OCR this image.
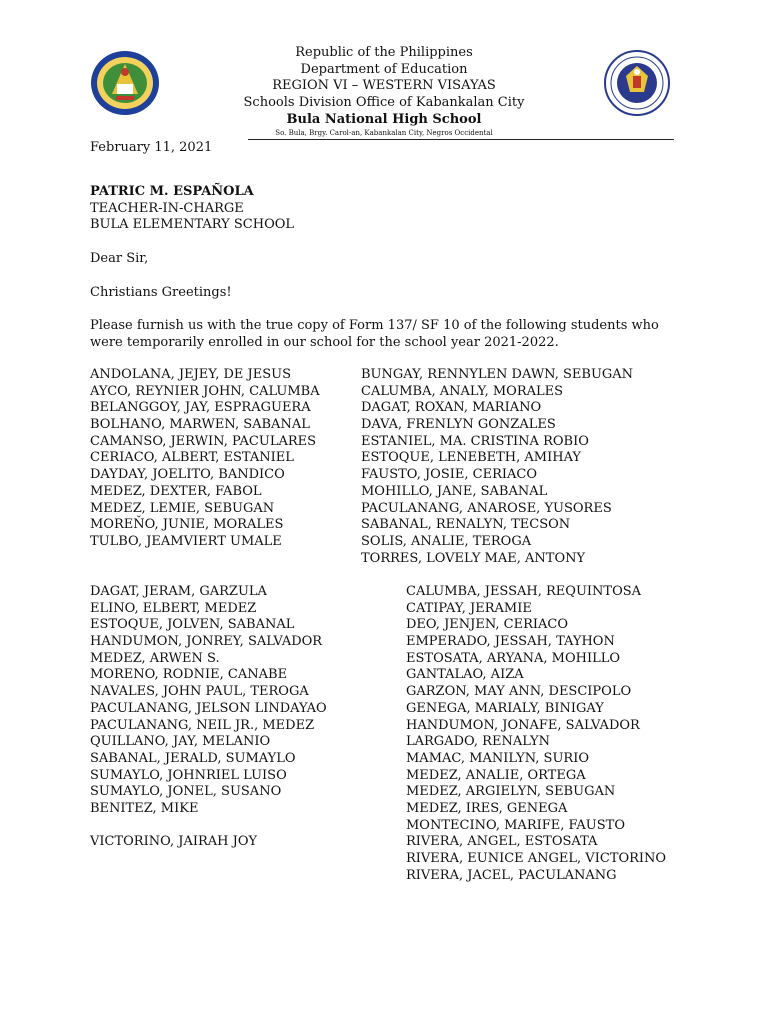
Republic of the Philippines
Department of Education
REGION VI – WESTERN VISAYAS
Schools Division Office of Kabankalan City
Bula National High School
So. Bula, Brgy. Carol-an, Kabankalan City, Negros Occidental
February 11, 2021
PATRIC M. ESPAÑOLA
TEACHER-IN-CHARGE
BULA ELEMENTARY SCHOOL
Dear Sir,
Christians Greetings!
Please furnish us with the true copy of Form 137/ SF 10 of the following students who
were temporarily enrolled in our school for the school year 2021-2022.
ANDOLANA, JEJEY, DE JESUS
AYCO, REYNIER JOHN, CALUMBA
BELANGGOY, JAY, ESPRAGUERA
BOLHANO, MARWEN, SABANAL
CAMANSO, JERWIN, PACULARES
CERIACO, ALBERT, ESTANIEL
DAYDAY, JOELITO, BANDICO
MEDEZ, DEXTER, FABOL
MEDEZ, LEMIE, SEBUGAN
MOREŇO, JUNIE, MORALES
TULBO, JEAMVIERT UMALE
BUNGAY, RENNYLEN DAWN, SEBUGAN
CALUMBA, ANALY, MORALES
DAGAT, ROXAN, MARIANO
DAVA, FRENLYN GONZALES
ESTANIEL, MA. CRISTINA ROBIO
ESTOQUE, LENEBETH, AMIHAY
FAUSTO, JOSIE, CERIACO
MOHILLO, JANE, SABANAL
PACULANANG, ANAROSE, YUSORES
SABANAL, RENALYN, TECSON
SOLIS, ANALIE, TEROGA
TORRES, LOVELY MAE, ANTONY
DAGAT, JERAM, GARZULA
ELINO, ELBERT, MEDEZ
ESTOQUE, JOLVEN, SABANAL
HANDUMON, JONREY, SALVADOR
MEDEZ, ARWEN S.
MORENO, RODNIE, CANABE
NAVALES, JOHN PAUL, TEROGA
PACULANANG, JELSON LINDAYAO
PACULANANG, NEIL JR., MEDEZ
QUILLANO, JAY, MELANIO
SABANAL, JERALD, SUMAYLO
SUMAYLO, JOHNRIEL LUISO
SUMAYLO, JONEL, SUSANO
BENITEZ, MIKE
CALUMBA, JESSAH, REQUINTOSA
CATIPAY, JERAMIE
DEO, JENJEN, CERIACO
EMPERADO, JESSAH, TAYHON
ESTOSATA, ARYANA, MOHILLO
GANTALAO, AIZA
GARZON, MAY ANN, DESCIPOLO
GENEGA, MARIALY, BINIGAY
HANDUMON, JONAFE, SALVADOR
LARGADO, RENALYN
MAMAC, MANILYN, SURIO
MEDEZ, ANALIE, ORTEGA
MEDEZ, ARGIELYN, SEBUGAN
MEDEZ, IRES, GENEGA
MONTECINO, MARIFE, FAUSTO
RIVERA, ANGEL, ESTOSATA
RIVERA, EUNICE ANGEL, VICTORINO
RIVERA, JACEL, PACULANANG
VICTORINO, JAIRAH JOY
